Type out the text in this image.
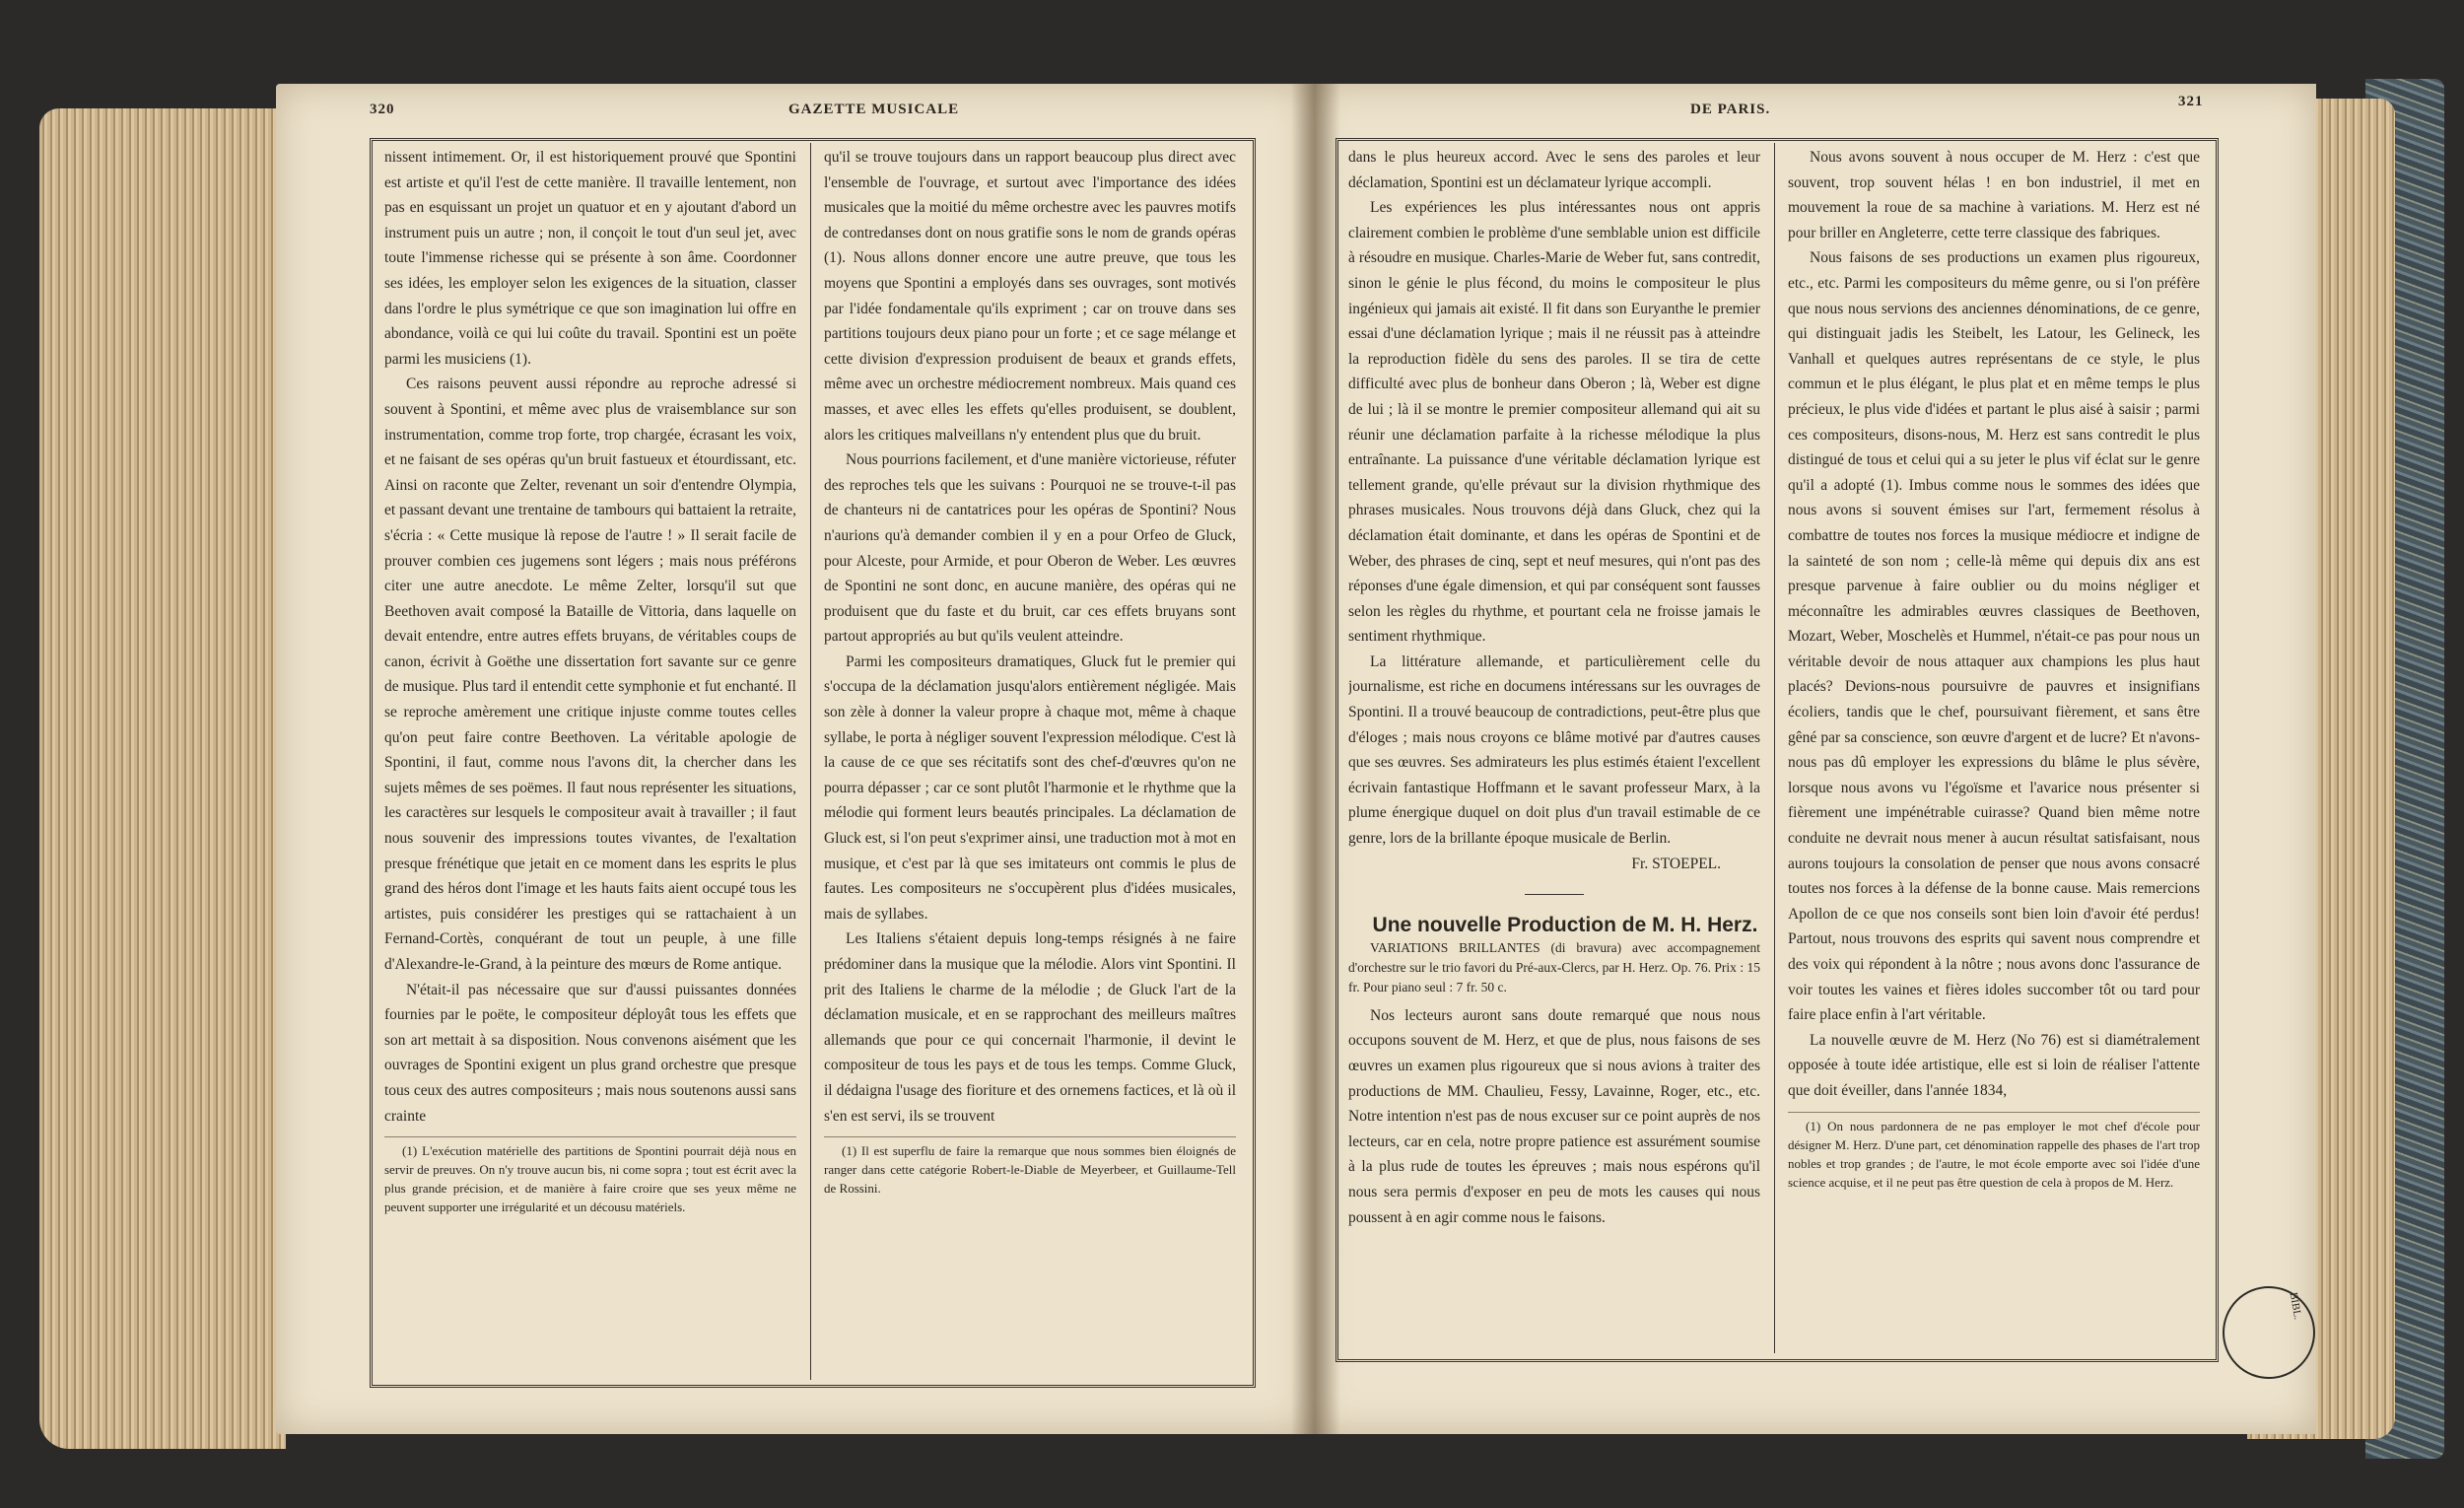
320	GAZETTE MUSICALE

nissent intimement. Or, il est historiquement prouvé que Spontini est artiste et qu'il l'est de cette manière. Il travaille lentement, non pas en esquissant un projet un quatuor et en y ajoutant d'abord un instrument puis un autre ; non, il conçoit le tout d'un seul jet, avec toute l'immense richesse qui se présente à son âme. Coordonner ses idées, les employer selon les exigences de la situation, classer dans l'ordre le plus symétrique ce que son imagination lui offre en abondance, voilà ce qui lui coûte du travail. Spontini est un poëte parmi les musiciens (1).

Ces raisons peuvent aussi répondre au reproche adressé si souvent à Spontini, et même avec plus de vraisemblance sur son instrumentation, comme trop forte, trop chargée, écrasant les voix, et ne faisant de ses opéras qu'un bruit fastueux et étourdissant, etc. Ainsi on raconte que Zelter, revenant un soir d'entendre Olympia, et passant devant une trentaine de tambours qui battaient la retraite, s'écria : « Cette musique là repose de l'autre ! » Il serait facile de prouver combien ces jugemens sont légers ; mais nous préférons citer une autre anecdote. Le même Zelter, lorsqu'il sut que Beethoven avait composé la Bataille de Vittoria, dans laquelle on devait entendre, entre autres effets bruyans, de véritables coups de canon, écrivit à Goëthe une dissertation fort savante sur ce genre de musique. Plus tard il entendit cette symphonie et fut enchanté. Il se reproche amèrement une critique injuste comme toutes celles qu'on peut faire contre Beethoven. La véritable apologie de Spontini, il faut, comme nous l'avons dit, la chercher dans les sujets mêmes de ses poëmes. Il faut nous représenter les situations, les caractères sur lesquels le compositeur avait à travailler ; il faut nous souvenir des impressions toutes vivantes, de l'exaltation presque frénétique que jetait en ce moment dans les esprits le plus grand des héros dont l'image et les hauts faits aient occupé tous les artistes, puis considérer les prestiges qui se rattachaient à un Fernand-Cortès, conquérant de tout un peuple, à une fille d'Alexandre-le-Grand, à la peinture des mœurs de Rome antique.

N'était-il pas nécessaire que sur d'aussi puissantes données fournies par le poëte, le compositeur déployât tous les effets que son art mettait à sa disposition. Nous convenons aisément que les ouvrages de Spontini exigent un plus grand orchestre que presque tous ceux des autres compositeurs ; mais nous soutenons aussi sans crainte

(1) L'exécution matérielle des partitions de Spontini pourrait déjà nous en servir de preuves. On n'y trouve aucun bis, ni come sopra ; tout est écrit avec la plus grande précision, et de manière à faire croire que ses yeux même ne peuvent supporter une irrégularité et un décousu matériels.

qu'il se trouve toujours dans un rapport beaucoup plus direct avec l'ensemble de l'ouvrage, et surtout avec l'importance des idées musicales que la moitié du même orchestre avec les pauvres motifs de contredanses dont on nous gratifie sons le nom de grands opéras (1). Nous allons donner encore une autre preuve, que tous les moyens que Spontini a employés dans ses ouvrages, sont motivés par l'idée fondamentale qu'ils expriment ; car on trouve dans ses partitions toujours deux piano pour un forte ; et ce sage mélange et cette division d'expression produisent de beaux et grands effets, même avec un orchestre médiocrement nombreux. Mais quand ces masses, et avec elles les effets qu'elles produisent, se doublent, alors les critiques malveillans n'y entendent plus que du bruit.

Nous pourrions facilement, et d'une manière victorieuse, réfuter des reproches tels que les suivans : Pourquoi ne se trouve-t-il pas de chanteurs ni de cantatrices pour les opéras de Spontini? Nous n'aurions qu'à demander combien il y en a pour Orfeo de Gluck, pour Alceste, pour Armide, et pour Oberon de Weber. Les œuvres de Spontini ne sont donc, en aucune manière, des opéras qui ne produisent que du faste et du bruit, car ces effets bruyans sont partout appropriés au but qu'ils veulent atteindre.

Parmi les compositeurs dramatiques, Gluck fut le premier qui s'occupa de la déclamation jusqu'alors entièrement négligée. Mais son zèle à donner la valeur propre à chaque mot, même à chaque syllabe, le porta à négliger souvent l'expression mélodique. C'est là la cause de ce que ses récitatifs sont des chef-d'œuvres qu'on ne pourra dépasser ; car ce sont plutôt l'harmonie et le rhythme que la mélodie qui forment leurs beautés principales. La déclamation de Gluck est, si l'on peut s'exprimer ainsi, une traduction mot à mot en musique, et c'est par là que ses imitateurs ont commis le plus de fautes. Les compositeurs ne s'occupèrent plus d'idées musicales, mais de syllabes.

Les Italiens s'étaient depuis long-temps résignés à ne faire prédominer dans la musique que la mélodie. Alors vint Spontini. Il prit des Italiens le charme de la mélodie ; de Gluck l'art de la déclamation musicale, et en se rapprochant des meilleurs maîtres allemands que pour ce qui concernait l'harmonie, il devint le compositeur de tous les pays et de tous les temps. Comme Gluck, il dédaigna l'usage des fioriture et des ornemens factices, et là où il s'en est servi, ils se trouvent

(1) Il est superflu de faire la remarque que nous sommes bien éloignés de ranger dans cette catégorie Robert-le-Diable de Meyerbeer, et Guillaume-Tell de Rossini.

DE PARIS.	321

dans le plus heureux accord. Avec le sens des paroles et leur déclamation, Spontini est un déclamateur lyrique accompli.

Les expériences les plus intéressantes nous ont appris clairement combien le problème d'une semblable union est difficile à résoudre en musique. Charles-Marie de Weber fut, sans contredit, sinon le génie le plus fécond, du moins le compositeur le plus ingénieux qui jamais ait existé. Il fit dans son Euryanthe le premier essai d'une déclamation lyrique ; mais il ne réussit pas à atteindre la reproduction fidèle du sens des paroles. Il se tira de cette difficulté avec plus de bonheur dans Oberon ; là, Weber est digne de lui ; là il se montre le premier compositeur allemand qui ait su réunir une déclamation parfaite à la richesse mélodique la plus entraînante. La puissance d'une véritable déclamation lyrique est tellement grande, qu'elle prévaut sur la division rhythmique des phrases musicales. Nous trouvons déjà dans Gluck, chez qui la déclamation était dominante, et dans les opéras de Spontini et de Weber, des phrases de cinq, sept et neuf mesures, qui n'ont pas des réponses d'une égale dimension, et qui par conséquent sont fausses selon les règles du rhythme, et pourtant cela ne froisse jamais le sentiment rhythmique.

La littérature allemande, et particulièrement celle du journalisme, est riche en documens intéressans sur les ouvrages de Spontini. Il a trouvé beaucoup de contradictions, peut-être plus que d'éloges ; mais nous croyons ce blâme motivé par d'autres causes que ses œuvres. Ses admirateurs les plus estimés étaient l'excellent écrivain fantastique Hoffmann et le savant professeur Marx, à la plume énergique duquel on doit plus d'un travail estimable de ce genre, lors de la brillante époque musicale de Berlin.

Fr. STOEPEL.

Une nouvelle Production de M. H. Herz.

VARIATIONS BRILLANTES (di bravura) avec accompagnement d'orchestre sur le trio favori du Pré-aux-Clercs, par H. Herz. Op. 76. Prix : 15 fr. Pour piano seul : 7 fr. 50 c.

Nos lecteurs auront sans doute remarqué que nous nous occupons souvent de M. Herz, et que de plus, nous faisons de ses œuvres un examen plus rigoureux que si nous avions à traiter des productions de MM. Chaulieu, Fessy, Lavainne, Roger, etc., etc. Notre intention n'est pas de nous excuser sur ce point auprès de nos lecteurs, car en cela, notre propre patience est assurément soumise à la plus rude de toutes les épreuves ; mais nous espérons qu'il nous sera permis d'exposer en peu de mots les causes qui nous poussent à en agir comme nous le faisons.

Nous avons souvent à nous occuper de M. Herz : c'est que souvent, trop souvent hélas ! en bon industriel, il met en mouvement la roue de sa machine à variations. M. Herz est né pour briller en Angleterre, cette terre classique des fabriques.

Nous faisons de ses productions un examen plus rigoureux, etc., etc. Parmi les compositeurs du même genre, ou si l'on préfère que nous nous servions des anciennes dénominations, de ce genre, qui distinguait jadis les Steibelt, les Latour, les Gelineck, les Vanhall et quelques autres représentans de ce style, le plus commun et le plus élégant, le plus plat et en même temps le plus précieux, le plus vide d'idées et partant le plus aisé à saisir ; parmi ces compositeurs, disons-nous, M. Herz est sans contredit le plus distingué de tous et celui qui a su jeter le plus vif éclat sur le genre qu'il a adopté (1). Imbus comme nous le sommes des idées que nous avons si souvent émises sur l'art, fermement résolus à combattre de toutes nos forces la musique médiocre et indigne de la sainteté de son nom ; celle-là même qui depuis dix ans est presque parvenue à faire oublier ou du moins négliger et méconnaître les admirables œuvres classiques de Beethoven, Mozart, Weber, Moschelès et Hummel, n'était-ce pas pour nous un véritable devoir de nous attaquer aux champions les plus haut placés? Devions-nous poursuivre de pauvres et insignifians écoliers, tandis que le chef, poursuivant fièrement, et sans être gêné par sa conscience, son œuvre d'argent et de lucre? Et n'avons-nous pas dû employer les expressions du blâme le plus sévère, lorsque nous avons vu l'égoïsme et l'avarice nous présenter si fièrement une impénétrable cuirasse? Quand bien même notre conduite ne devrait nous mener à aucun résultat satisfaisant, nous aurons toujours la consolation de penser que nous avons consacré toutes nos forces à la défense de la bonne cause. Mais remercions Apollon de ce que nos conseils sont bien loin d'avoir été perdus! Partout, nous trouvons des esprits qui savent nous comprendre et des voix qui répondent à la nôtre ; nous avons donc l'assurance de voir toutes les vaines et fières idoles succomber tôt ou tard pour faire place enfin à l'art véritable.

La nouvelle œuvre de M. Herz (No 76) est si diamétralement opposée à toute idée artistique, elle est si loin de réaliser l'attente que doit éveiller, dans l'année 1834,

(1) On nous pardonnera de ne pas employer le mot chef d'école pour désigner M. Herz. D'une part, cet dénomination rappelle des phases de l'art trop nobles et trop grandes ; de l'autre, le mot école emporte avec soi l'idée d'une science acquise, et il ne peut pas être question de cela à propos de M. Herz.

BIBL.
